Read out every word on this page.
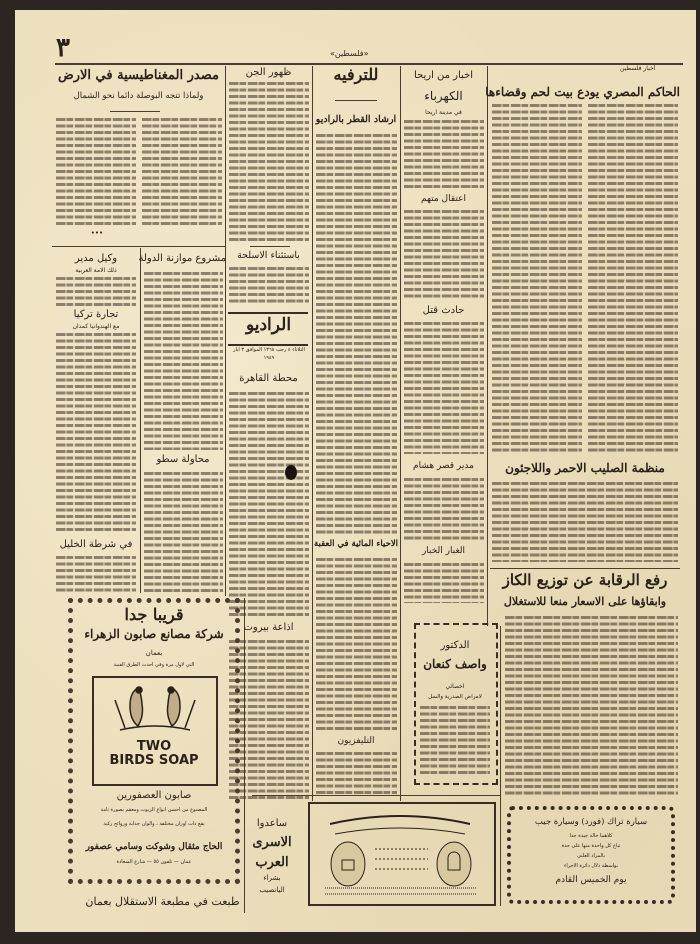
٣	«فلسطين»
أخبار فلسطين
الحاكم المصري يودع بيت لحم وقضاءها
منظمة الصليب الاحمر واللاجئون
رفع الرقابة عن توزيع الكاز
وابقاؤها على الاسعار منعا للاستغلال
اخبار من اريحا
الكهرباء
في مدينة اريحا
اعتقال متهم
حادث قتل
مدير قصر هشام
الغبار الخبار
الدكتور
واصف كنعان
اخصائي
لامراض الصدرية والسل
للترفيه
ارشاد القطر بالراديو
الاحياء المائية في العقبة
التليفزيون
ظهور الجن
باستثناء الاسلحة
الراديو
الثلاثاء ٤ رجب ١٣٦٨ الموافق ٣ ايار ١٩٤٩
محطة القاهرة
اذاعة بيروت
مصدر المغناطيسية في الارض
ولماذا تتجه البوصلة دائما نحو الشمال
•••
وكيل مدير
ذلك الامة العربية
تجارة تركيا
مع الهندوانيا كمدان
في شرطة الخليل
مشروع موازنة الدولة
محاولة سطو
قريبا جدا
شركة مصانع صابون الزهراء
بعمان
التي لاول مرة وفي احدث الطرق الفنية
TWO
BIRDS SOAP
صابون العصفورين
المصنوع من احسن انواع الزيوت ومعقم بصورة تامة
يقع ذات اوزان مختلفة ، والوان جذابة وروائح زكية
الحاج مثقال وشوكت وسامي عصفور
عمان — تلفون ٥٥ — شارع السعادة
طبعت في مطبعة الاستقلال بعمان
ساعدوا
الاسرى
العرب
بشراء
اليانصيب
سيارة تراك (فورد) وسيارة جيب
كلاهما حالة جيدة جدا
تباع كل واحدة منها على حدة
بالمزاد العلني
بواسطة دلال دائرة الاجراء
يوم الخميس القادم
